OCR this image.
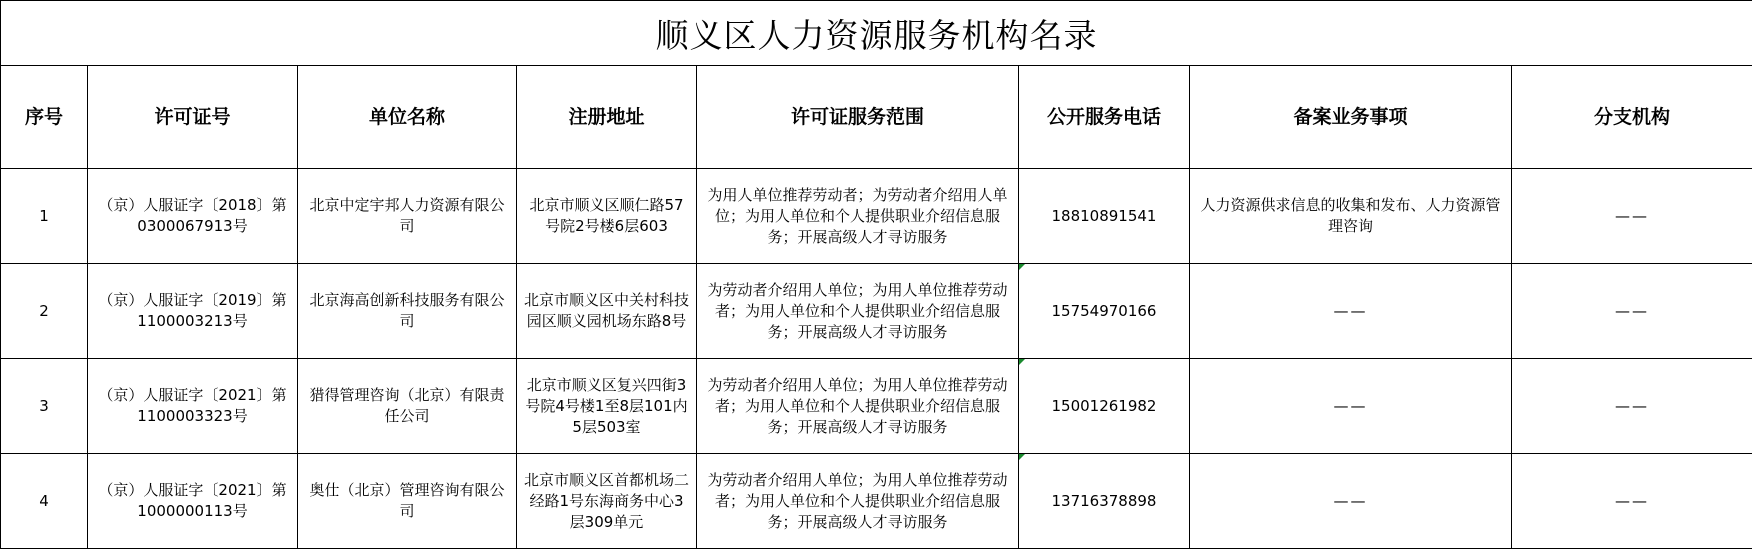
顺义区人力资源服务机构名录
序号	许可证号	单位名称	注册地址	许可证服务范围	公开服务电话	备案业务事项	分支机构
1	（京）人服证字〔2018〕第0300067913号	北京中定宇邦人力资源有限公司	北京市顺义区顺仁路57号院2号楼6层603	为用人单位推荐劳动者；为劳动者介绍用人单位；为用人单位和个人提供职业介绍信息服务；开展高级人才寻访服务	18810891541	人力资源供求信息的收集和发布、人力资源管理咨询	——
2	（京）人服证字〔2019〕第1100003213号	北京海高创新科技服务有限公司	北京市顺义区中关村科技园区顺义园机场东路8号	为劳动者介绍用人单位；为用人单位推荐劳动者；为用人单位和个人提供职业介绍信息服务；开展高级人才寻访服务	15754970166	——	——
3	（京）人服证字〔2021〕第1100003323号	猎得管理咨询（北京）有限责任公司	北京市顺义区复兴四街3号院4号楼1至8层101内5层503室	为劳动者介绍用人单位；为用人单位推荐劳动者；为用人单位和个人提供职业介绍信息服务；开展高级人才寻访服务	15001261982	——	——
4	（京）人服证字〔2021〕第1000000113号	奥仕（北京）管理咨询有限公司	北京市顺义区首都机场二经路1号东海商务中心3层309单元	为劳动者介绍用人单位；为用人单位推荐劳动者；为用人单位和个人提供职业介绍信息服务；开展高级人才寻访服务	13716378898	——	——
